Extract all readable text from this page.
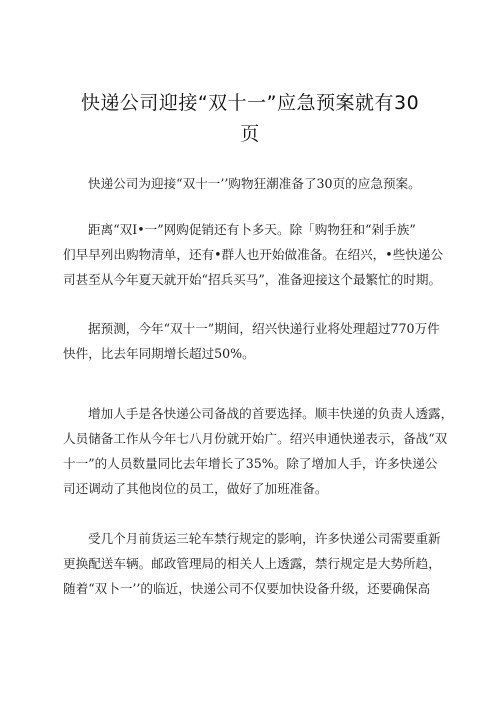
快递公司迎接“双十一”应急预案就有30
页
快递公司为迎接“双十一’’购物狂潮准备了30页的应急预案。
距离“双I•一”网购促销还有卜多天。除「购物狂和“剁手族”
们早早列出购物清单，还有•群人也开始做准备。在绍兴，•些快递公
司甚至从今年夏天就开始“招兵买马”，准备迎接这个最繁忙的时期。
据预测，今年“双十一”期间，绍兴快递行业将处理超过770万件
快件，比去年同期增长超过50%。
增加人手是各快递公司备战的首要选择。顺丰快递的负责人透露，
人员储备工作从今年七八月份就开始广。绍兴申通快递表示，备战“双
十一”的人员数量同比去年增长了35%。除了增加人手，许多快递公
司还调动了其他岗位的员工，做好了加班准备。
受几个月前货运三轮车禁行规定的影响，许多快递公司需要重新
更换配送车辆。邮政管理局的相关人上透露，禁行规定是大势所趋，
随着“双卜一’’的临近，快递公司不仅要加快设备升级，还要确保高
